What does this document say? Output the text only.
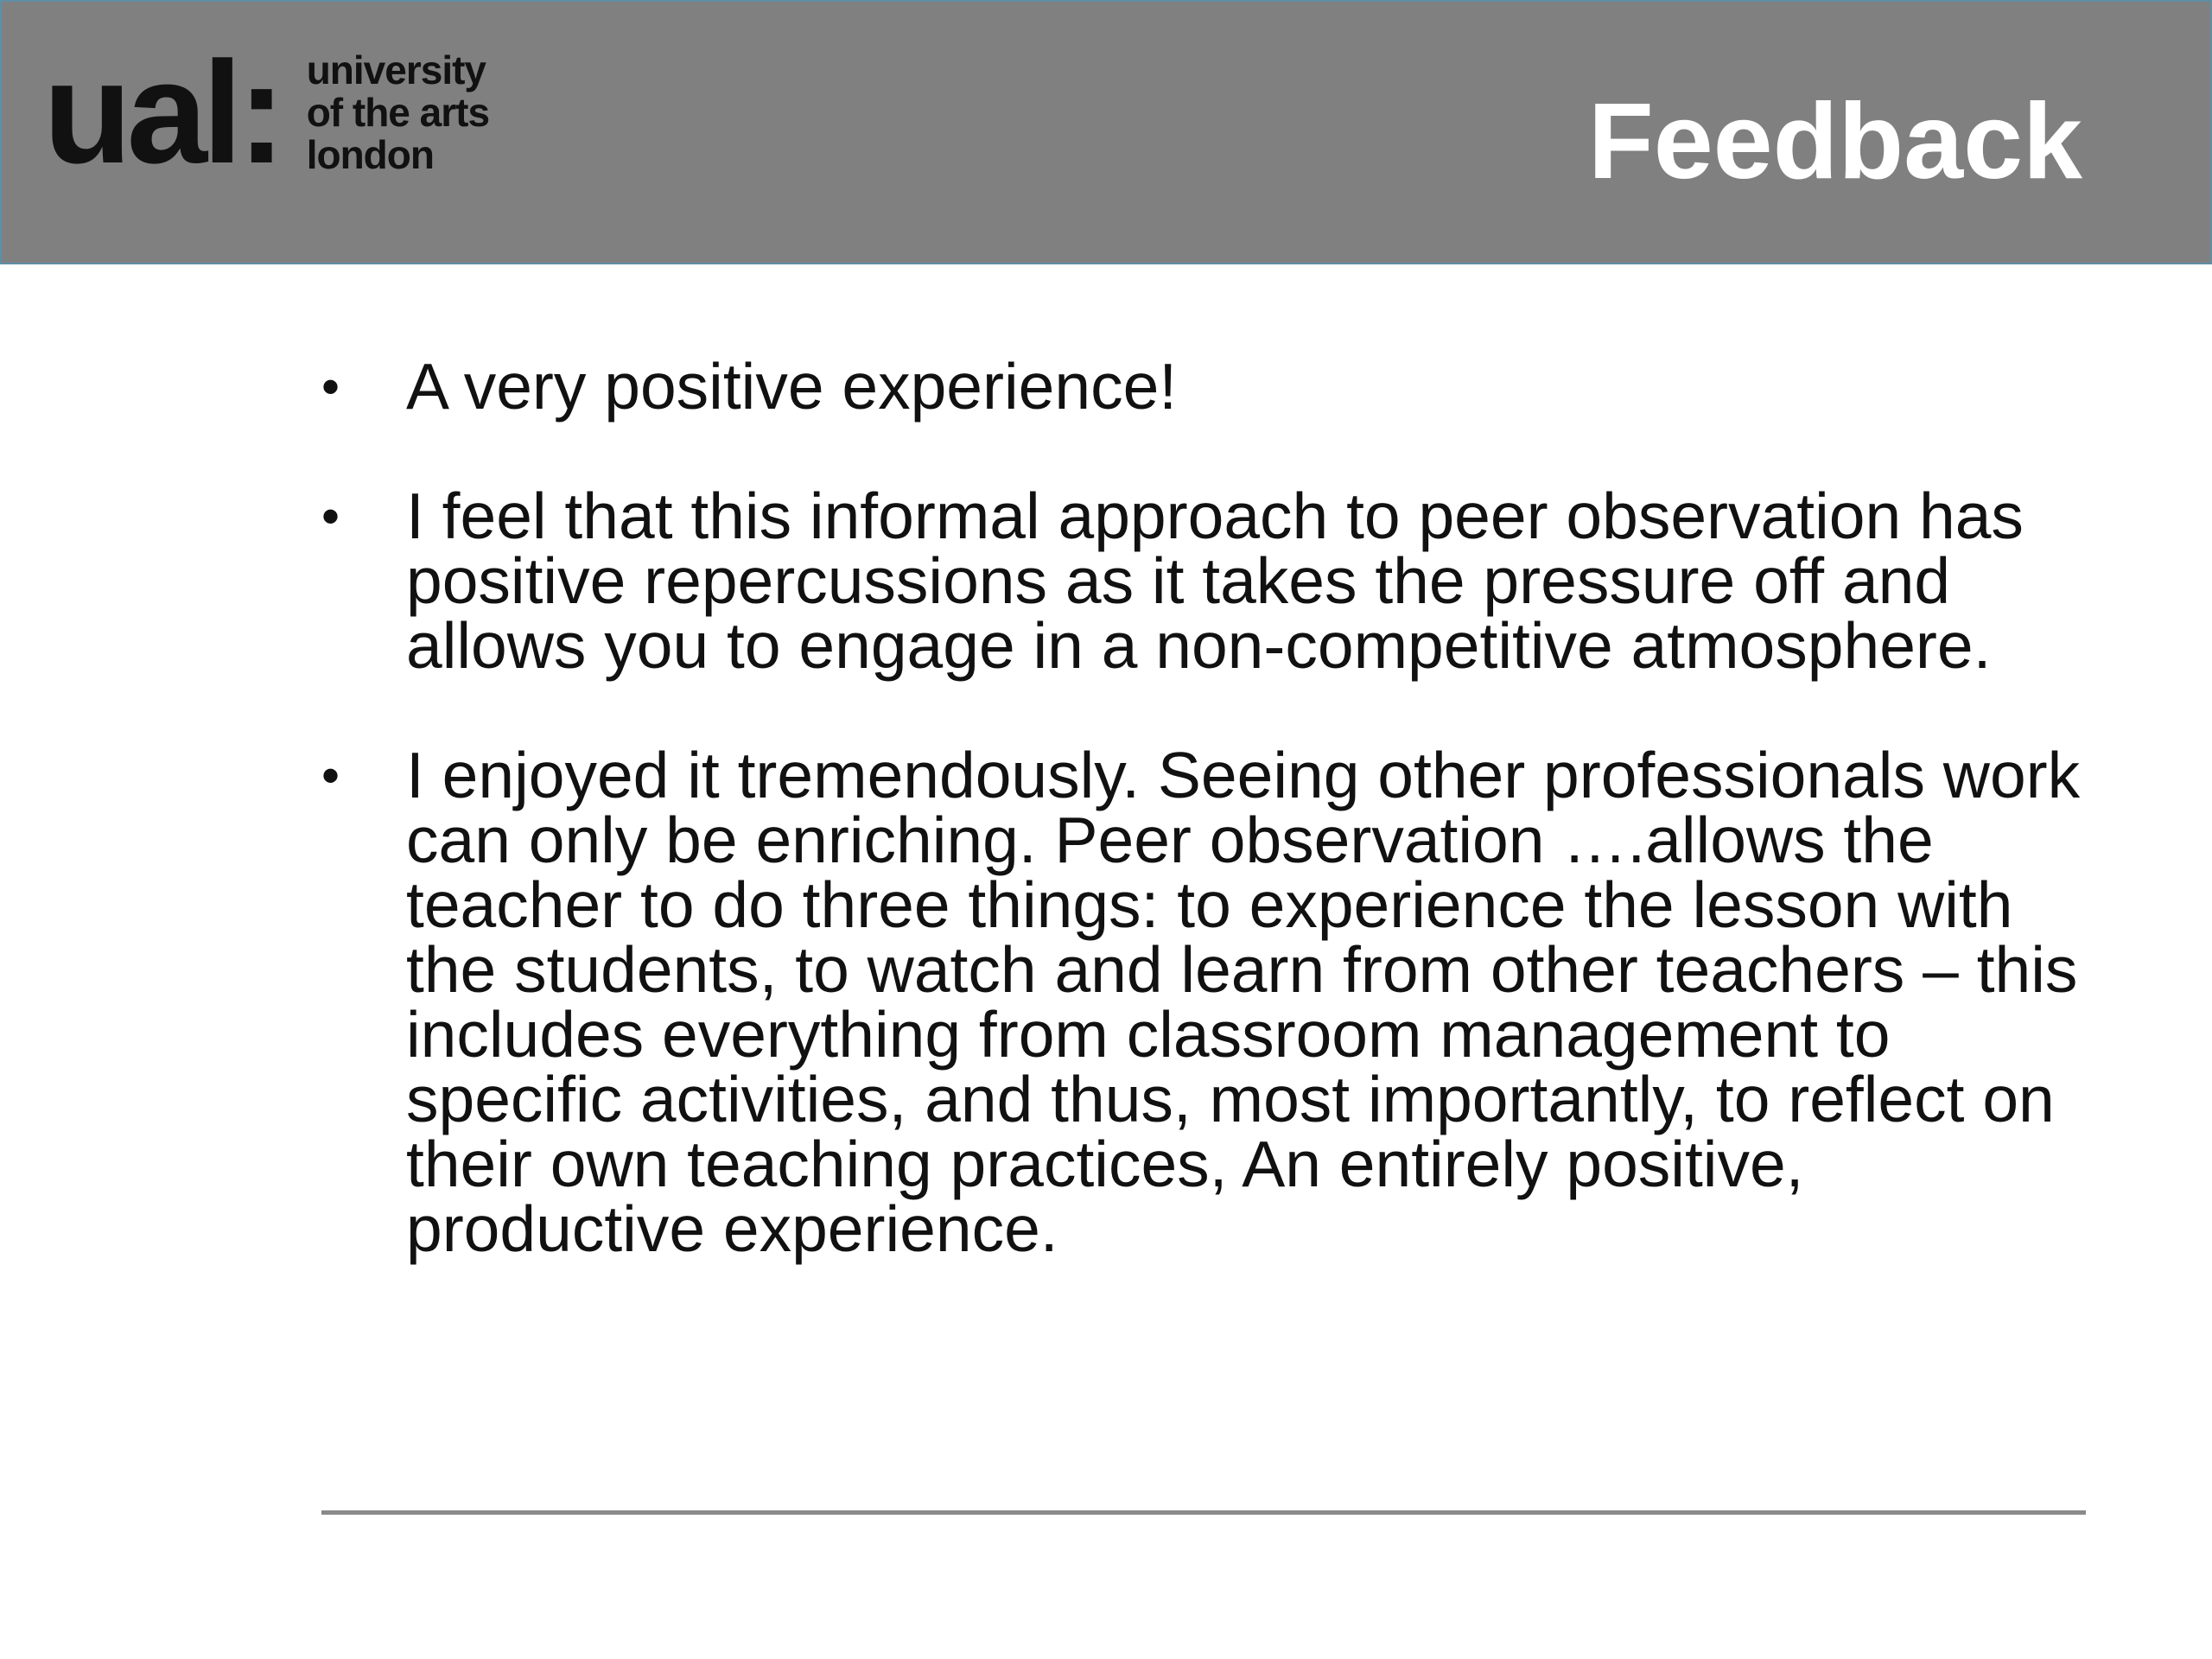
ual: university
of the arts
london	Feedback
• A very positive experience!
• I feel that this informal approach to peer observation has positive repercussions as it takes the pressure off and allows you to engage in a non-competitive atmosphere.
• I enjoyed it tremendously. Seeing other professionals work can only be enriching. Peer observation ….allows the teacher to do three things: to experience the lesson with the students, to watch and learn from other teachers – this includes everything from classroom management to specific activities, and thus, most importantly, to reflect on their own teaching practices, An entirely positive, productive experience.
